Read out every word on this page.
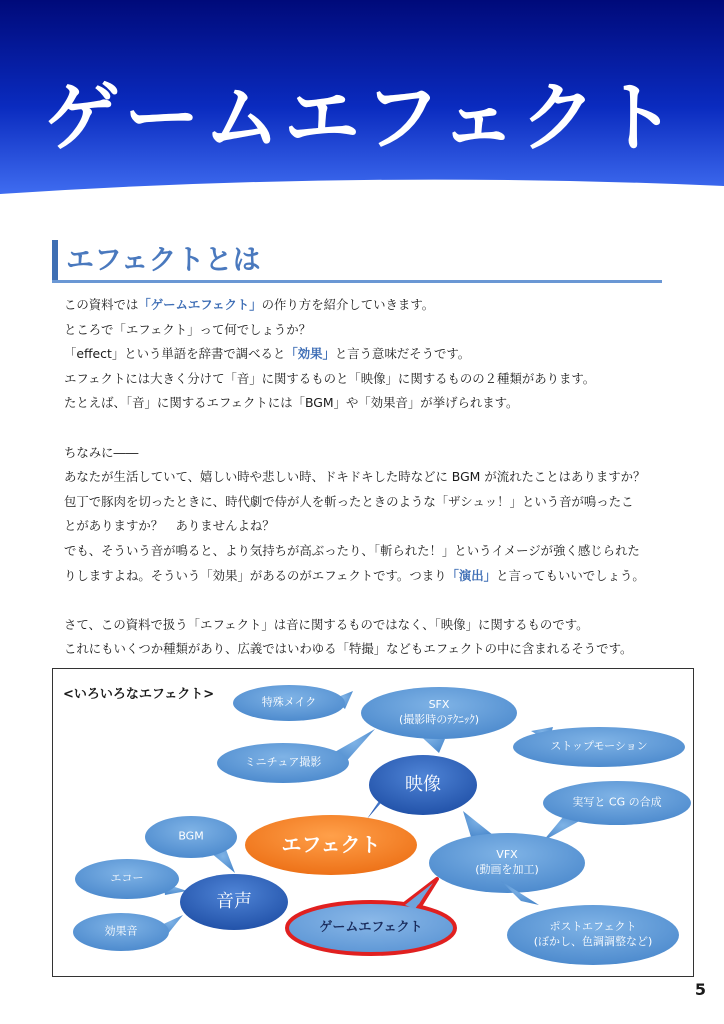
ゲームエフェクト
エフェクトとは

この資料では「ゲームエフェクト」の作り方を紹介していきます。

ところで「エフェクト」って何でしょうか？

「effect」という単語を辞書で調べると「効果」と言う意味だそうです。

エフェクトには大きく分けて「音」に関するものと「映像」に関するものの２種類があります。

たとえば、「音」に関するエフェクトには「BGM」や「効果音」が挙げられます。

ちなみに――

あなたが生活していて、嬉しい時や悲しい時、ドキドキした時などに BGM が流れたことはありますか？

包丁で豚肉を切ったときに、時代劇で侍が人を斬ったときのような「ザシュッ！」という音が鳴ったこ

とがありますか？　ありませんよね？

でも、そういう音が鳴ると、より気持ちが高ぶったり、「斬られた！」というイメージが強く感じられた

りしますよね。そういう「効果」があるのがエフェクトです。つまり「演出」と言ってもいいでしょう。

さて、この資料で扱う「エフェクト」は音に関するものではなく、「映像」に関するものです。

これにもいくつか種類があり、広義ではいわゆる「特撮」などもエフェクトの中に含まれるそうです。

<いろいろなエフェクト>
特殊メイク	SFX
(撮影時のﾃｸﾆｯｸ)
ストップモーション
ミニチュア撮影
映像
実写と CG の合成
BGM	エフェクト	VFX
(動画を加工)
エコー
音声
効果音	ゲームエフェクト	ポストエフェクト
(ぼかし、色調調整など)
5
